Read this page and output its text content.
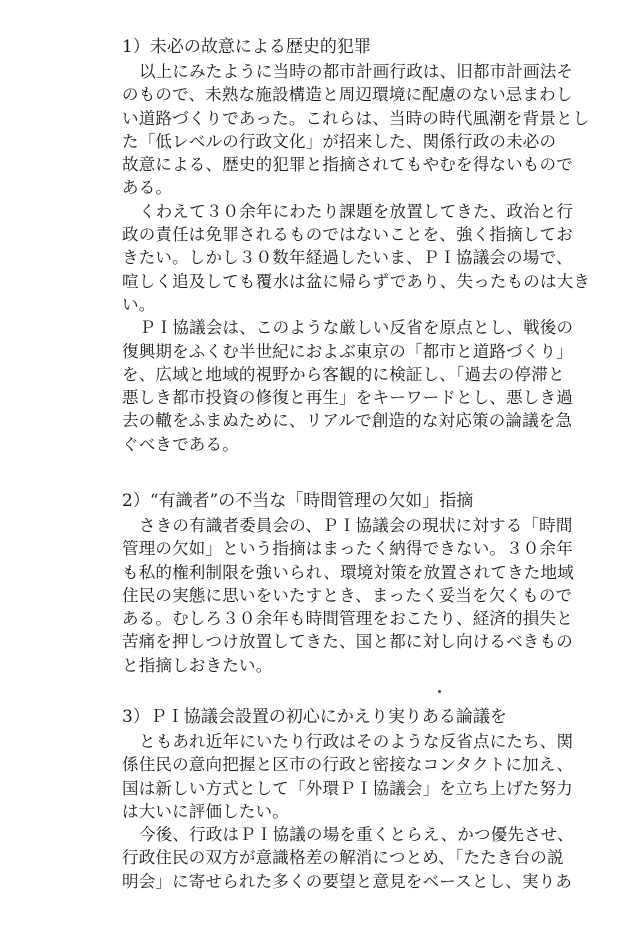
1）未必の故意による歴史的犯罪
以上にみたように当時の都市計画行政は、旧都市計画法そ
のもので、未熟な施設構造と周辺環境に配慮のない忌まわし
い道路づくりであった。これらは、当時の時代風潮を背景とし
た「低レベルの行政文化」が招来した、関係行政の未必の
故意による、歴史的犯罪と指摘されてもやむを得ないもので
ある。
くわえて３０余年にわたり課題を放置してきた、政治と行
政の責任は免罪されるものではないことを、強く指摘してお
きたい。しかし３０数年経過したいま、ＰＩ協議会の場で、
喧しく追及しても覆水は盆に帰らずであり、失ったものは大き
い。
ＰＩ協議会は、このような厳しい反省を原点とし、戦後の
復興期をふくむ半世紀におよぶ東京の「都市と道路づくり」
を、広域と地域的視野から客観的に検証し、「過去の停滞と
悪しき都市投資の修復と再生」をキーワードとし、悪しき過
去の轍をふまぬために、リアルで創造的な対応策の論議を急
ぐべきである。
2）“有識者”の不当な「時間管理の欠如」指摘
さきの有識者委員会の、ＰＩ協議会の現状に対する「時間
管理の欠如」という指摘はまったく納得できない。３０余年
も私的権利制限を強いられ、環境対策を放置されてきた地域
住民の実態に思いをいたすとき、まったく妥当を欠くもので
ある。むしろ３０余年も時間管理をおこたり、経済的損失と
苦痛を押しつけ放置してきた、国と都に対し向けるべきもの
と指摘しおきたい。
3）ＰＩ協議会設置の初心にかえり実りある論議を
ともあれ近年にいたり行政はそのような反省点にたち、関
係住民の意向把握と区市の行政と密接なコンタクトに加え、
国は新しい方式として「外環ＰＩ協議会」を立ち上げた努力
は大いに評価したい。
今後、行政はＰＩ協議の場を重くとらえ、かつ優先させ、
行政住民の双方が意識格差の解消につとめ、「たたき台の説
明会」に寄せられた多くの要望と意見をベースとし、実りあ
